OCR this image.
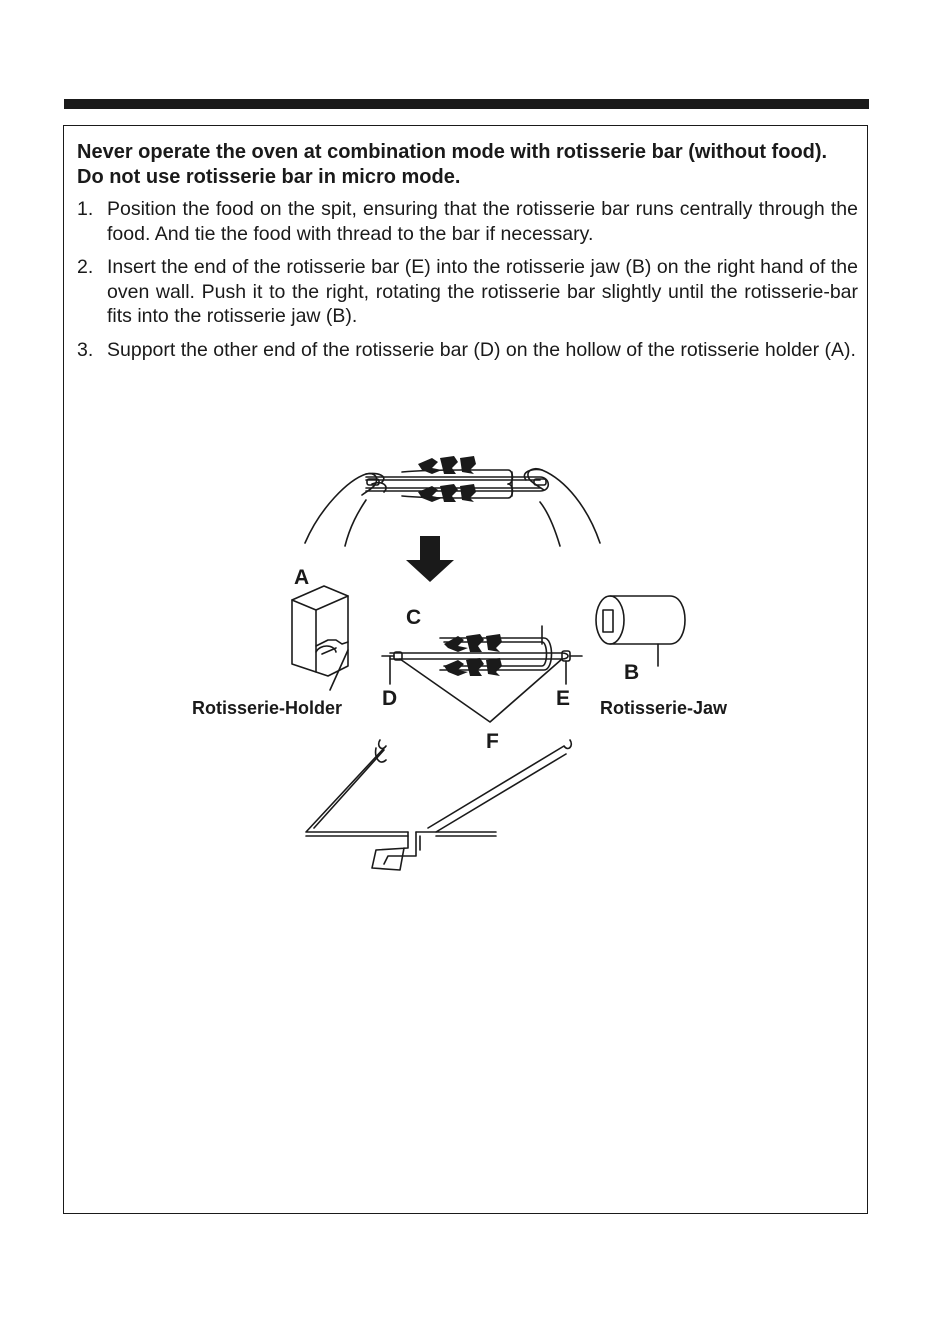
Never operate the oven at combination mode with rotisserie bar (without food). Do not use rotisserie bar in micro mode.

1. Position the food on the spit, ensuring that the rotisserie bar runs centrally through the food. And tie the food with thread to the bar if necessary.
2. Insert the end of the rotisserie bar (E) into the rotisserie jaw (B) on the right hand of the oven wall. Push it to the right, rotating the rotisserie bar slightly until the rotisserie-bar fits into the rotisserie jaw (B).
3. Support the other end of the rotisserie bar (D) on the hollow of the rotisserie holder (A).
A
C
B
D	E
F
Rotisserie-Holder	Rotisserie-Jaw
